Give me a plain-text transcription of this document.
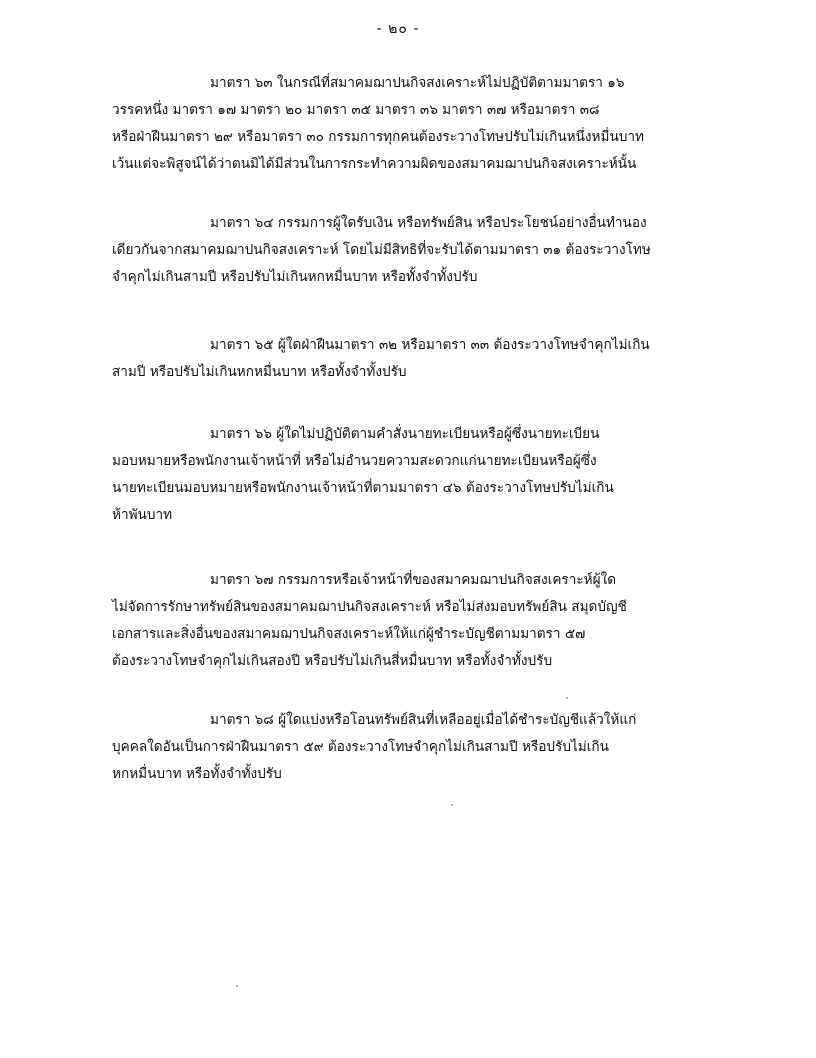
- ๒๐ -
มาตรา ๖๓ ในกรณีที่สมาคมฌาปนกิจสงเคราะห์ไม่ปฏิบัติตามมาตรา ๑๖
วรรคหนึ่ง มาตรา ๑๗ มาตรา ๒๐ มาตรา ๓๕ มาตรา ๓๖ มาตรา ๓๗ หรือมาตรา ๓๘
หรือฝ่าฝืนมาตรา ๒๙ หรือมาตรา ๓๐ กรรมการทุกคนต้องระวางโทษปรับไม่เกินหนึ่งหมื่นบาท
เว้นแต่จะพิสูจน์ได้ว่าตนมิได้มีส่วนในการกระทำความผิดของสมาคมฌาปนกิจสงเคราะห์นั้น
มาตรา ๖๔ กรรมการผู้ใดรับเงิน หรือทรัพย์สิน หรือประโยชน์อย่างอื่นทำนอง
เดียวกันจากสมาคมฌาปนกิจสงเคราะห์ โดยไม่มีสิทธิที่จะรับได้ตามมาตรา ๓๑ ต้องระวางโทษ
จำคุกไม่เกินสามปี หรือปรับไม่เกินหกหมื่นบาท หรือทั้งจำทั้งปรับ
มาตรา ๖๕ ผู้ใดฝ่าฝืนมาตรา ๓๒ หรือมาตรา ๓๓ ต้องระวางโทษจำคุกไม่เกิน
สามปี หรือปรับไม่เกินหกหมื่นบาท หรือทั้งจำทั้งปรับ
มาตรา ๖๖ ผู้ใดไม่ปฏิบัติตามคำสั่งนายทะเบียนหรือผู้ซึ่งนายทะเบียน
มอบหมายหรือพนักงานเจ้าหน้าที่ หรือไม่อำนวยความสะดวกแก่นายทะเบียนหรือผู้ซึ่ง
นายทะเบียนมอบหมายหรือพนักงานเจ้าหน้าที่ตามมาตรา ๔๖ ต้องระวางโทษปรับไม่เกิน
ห้าพันบาท
มาตรา ๖๗ กรรมการหรือเจ้าหน้าที่ของสมาคมฌาปนกิจสงเคราะห์ผู้ใด
ไม่จัดการรักษาทรัพย์สินของสมาคมฌาปนกิจสงเคราะห์ หรือไม่ส่งมอบทรัพย์สิน สมุดบัญชี
เอกสารและสิ่งอื่นของสมาคมฌาปนกิจสงเคราะห์ให้แก่ผู้ชำระบัญชีตามมาตรา ๕๗
ต้องระวางโทษจำคุกไม่เกินสองปี หรือปรับไม่เกินสี่หมื่นบาท หรือทั้งจำทั้งปรับ
มาตรา ๖๘ ผู้ใดแบ่งหรือโอนทรัพย์สินที่เหลืออยู่เมื่อได้ชำระบัญชีแล้วให้แก่
บุคคลใดอันเป็นการฝ่าฝืนมาตรา ๕๙ ต้องระวางโทษจำคุกไม่เกินสามปี หรือปรับไม่เกิน
หกหมื่นบาท หรือทั้งจำทั้งปรับ
